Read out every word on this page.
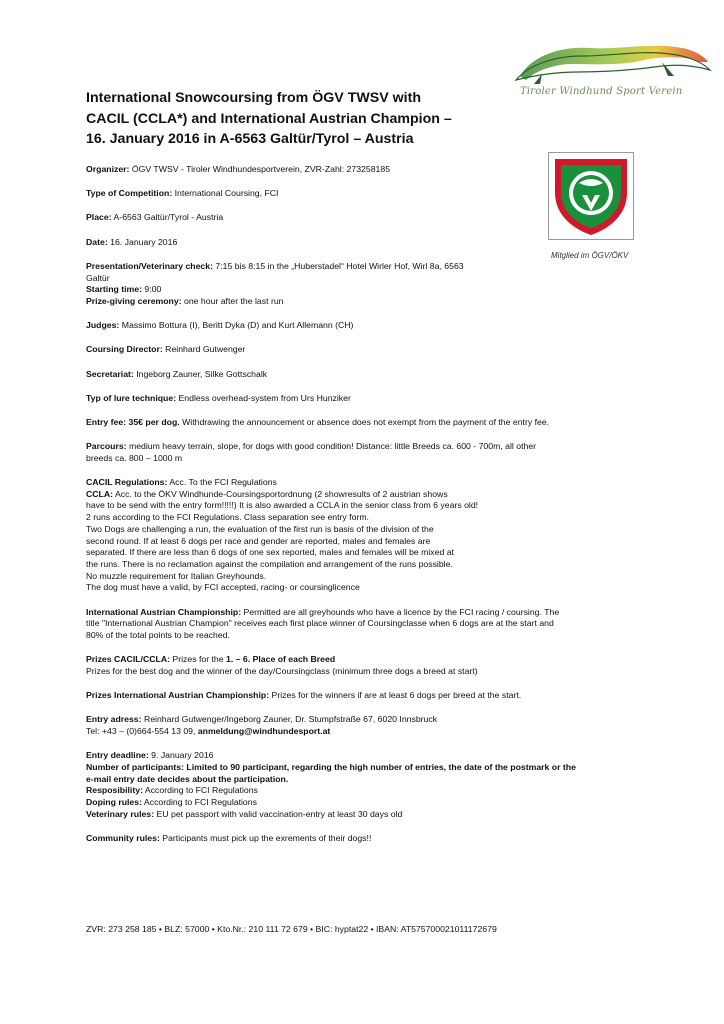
Tiroler Windhund Sport Verein
International Snowcoursing from ÖGV TWSV with
CACIL (CCLA*) and International Austrian Champion –
16. January 2016 in A-6563 Galtür/Tyrol – Austria
Mitglied im ÖGV/ÖKV

Organizer: ÖGV TWSV - Tiroler Windhundesportverein, ZVR-Zahl: 273258185

Type of Competition: International Coursing, FCI

Place: A-6563 Galtür/Tyrol - Austria

Date: 16. January 2016

Presentation/Veterinary check: 7:15 bis 8:15 in the „Huberstadel“ Hotel Wirler Hof, Wirl 8a, 6563
Galtür

Starting time: 9:00

Prize-giving ceremony: one hour after the last run

Judges: Massimo Bottura (I), Beritt Dyka (D) and Kurt Allemann (CH)

Coursing Director: Reinhard Gutwenger

Secretariat: Ingeborg Zauner, Silke Gottschalk

Typ of lure technique: Endless overhead-system from Urs Hunziker

Entry fee: 35€ per dog. Withdrawing the announcement or absence does not exempt from the payment of the entry fee.

Parcours: medium heavy terrain, slope, for dogs with good condition! Distance: little Breeds ca. 600 - 700m, all other
breeds ca. 800 – 1000 m

CACIL Regulations: Acc. To the FCI Regulations

CCLA: Acc. to the ÖKV Windhunde-Coursingsportordnung (2 showresults of 2 austrian shows
have to be send with the entry form!!!!!) It is also awarded a CCLA in the senior class from 6 years old!
2 runs according to the FCI Regulations. Class separation see entry form.
Two Dogs are challenging a run, the evaluation of the first run is basis of the division of the
second round. If at least 6 dogs per race and gender are reported, males and females are
separated. If there are less than 6 dogs of one sex reported, males and females will be mixed at
the runs. There is no reclamation against the compilation and arrangement of the runs possible.
No muzzle requirement for Italian Greyhounds.
The dog must have a valid, by FCI accepted, racing- or coursinglicence

International Austrian Championship: Permitted are all greyhounds who have a licence by the FCI racing / coursing. The
title "International Austrian Champion" receives each first place winner of Coursingclasse when 6 dogs are at the start and
80% of the total points to be reached.

Prizes CACIL/CCLA: Prizes for the 1. – 6. Place of each Breed
Prizes for the best dog and the winner of the day/Coursingclass (minimum three dogs a breed at start)

Prizes International Austrian Championship: Prizes for the winners if are at least 6 dogs per breed at the start.

Entry adress: Reinhard Gutwenger/Ingeborg Zauner, Dr. Stumpfstraße 67, 6020 Innsbruck
Tel: +43 – (0)664-554 13 09, anmeldung@windhundesport.at

Entry deadline: 9. January 2016

Number of participants: Limited to 90 participant, regarding the high number of entries, the date of the postmark or the
e-mail entry date decides about the participation.

Resposibility: According to FCI Regulations

Doping rules: According to FCI Regulations

Veterinary rules: EU pet passport with valid vaccination-entry at least 30 days old

Community rules: Participants must pick up the exrements of their dogs!!

ZVR: 273 258 185 • BLZ: 57000 • Kto.Nr.: 210 111 72 679 • BIC: hyptat22 • IBAN: AT575700021011172679
